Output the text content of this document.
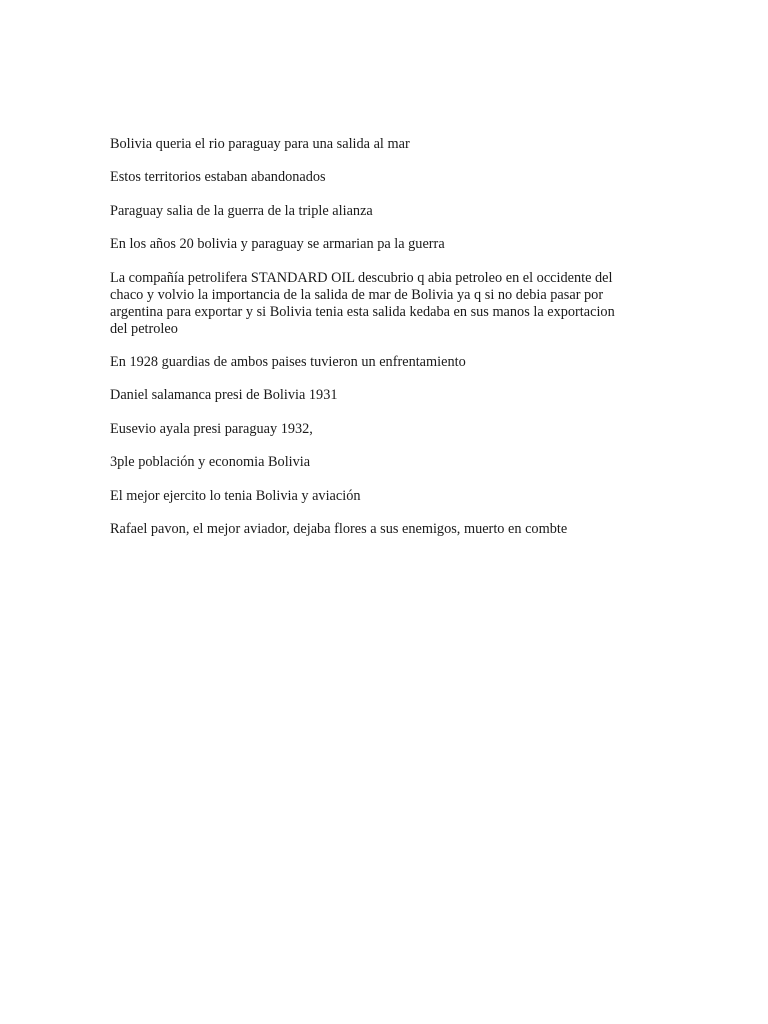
Bolivia queria el rio paraguay para una salida al mar

Estos territorios estaban abandonados

Paraguay salia de la guerra de la triple alianza

En los años 20 bolivia y paraguay se armarian pa la guerra

La compañía petrolifera STANDARD OIL descubrio q abia petroleo en el occidente del chaco y volvio la importancia de la salida de mar de Bolivia ya q si no debia pasar por argentina para exportar y si Bolivia tenia esta salida kedaba en sus manos la exportacion del petroleo

En 1928 guardias de ambos paises tuvieron un enfrentamiento

Daniel salamanca presi de Bolivia 1931

Eusevio ayala presi paraguay 1932,

3ple población y economia Bolivia

El mejor ejercito lo tenia Bolivia y aviación

Rafael pavon, el mejor aviador, dejaba flores a sus enemigos, muerto en combte
